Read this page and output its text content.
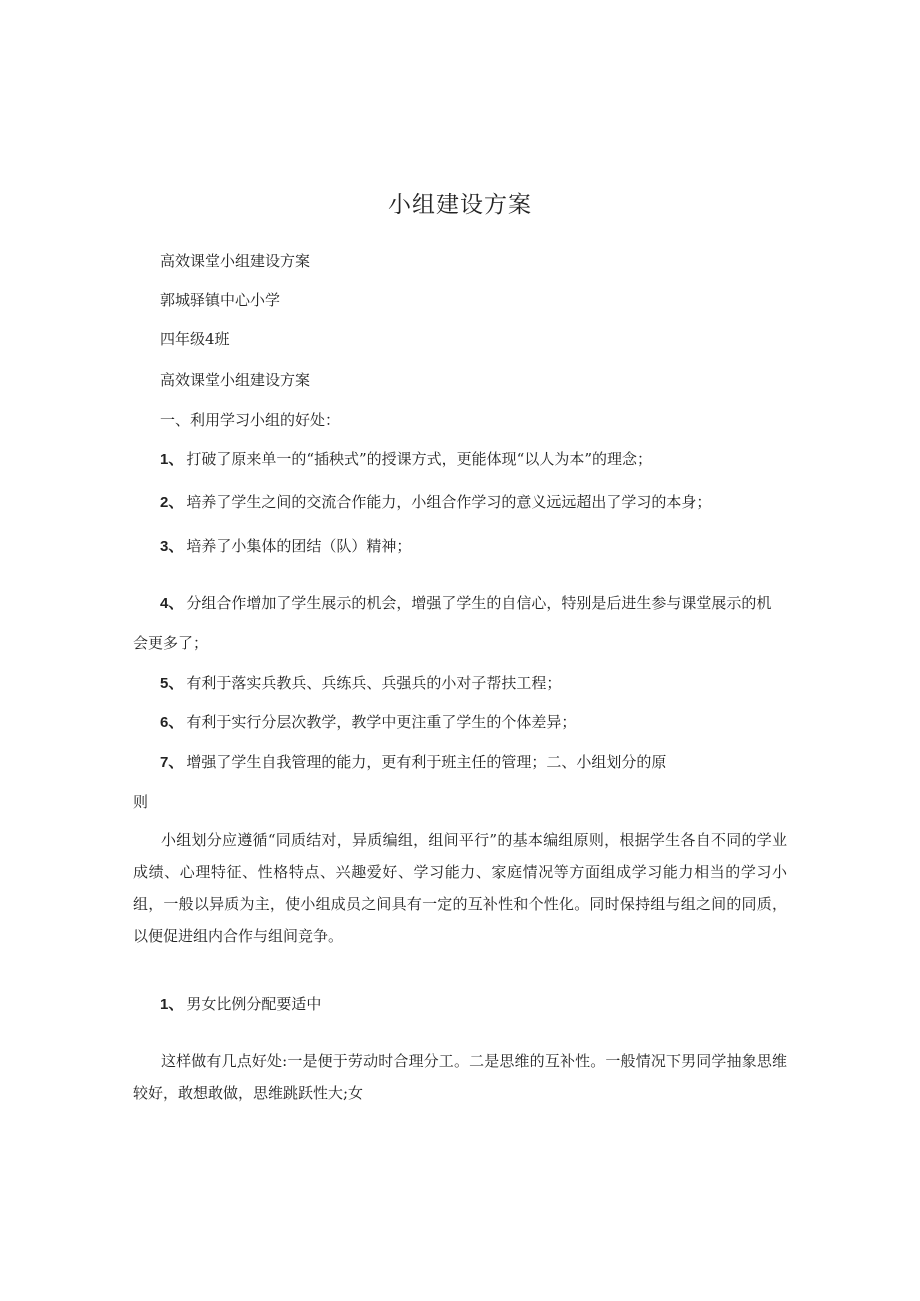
小组建设方案
高效课堂小组建设方案
郭城驿镇中心小学
四年级4班
高效课堂小组建设方案
一、利用学习小组的好处：
1、 打破了原来单一的“插秧式”的授课方式，更能体现“以人为本”的理念；
2、 培养了学生之间的交流合作能力，小组合作学习的意义远远超出了学习的本身；
3、 培养了小集体的团结（队）精神；
4、 分组合作增加了学生展示的机会，增强了学生的自信心，特别是后进生参与课堂展示的机
会更多了；
5、 有利于落实兵教兵、兵练兵、兵强兵的小对子帮扶工程；
6、 有利于实行分层次教学，教学中更注重了学生的个体差异；
7、 增强了学生自我管理的能力，更有利于班主任的管理；二、小组划分的原
则
小组划分应遵循“同质结对，异质编组，组间平行”的基本编组原则，根据学生各自不同的学业成绩、心理特征、性格特点、兴趣爱好、学习能力、家庭情况等方面组成学习能力相当的学习小组，一般以异质为主，使小组成员之间具有一定的互补性和个性化。同时保持组与组之间的同质，以便促进组内合作与组间竞争。
1、 男女比例分配要适中
这样做有几点好处:一是便于劳动时合理分工。二是思维的互补性。一般情况下男同学抽象思维较好，敢想敢做，思维跳跃性大;女
